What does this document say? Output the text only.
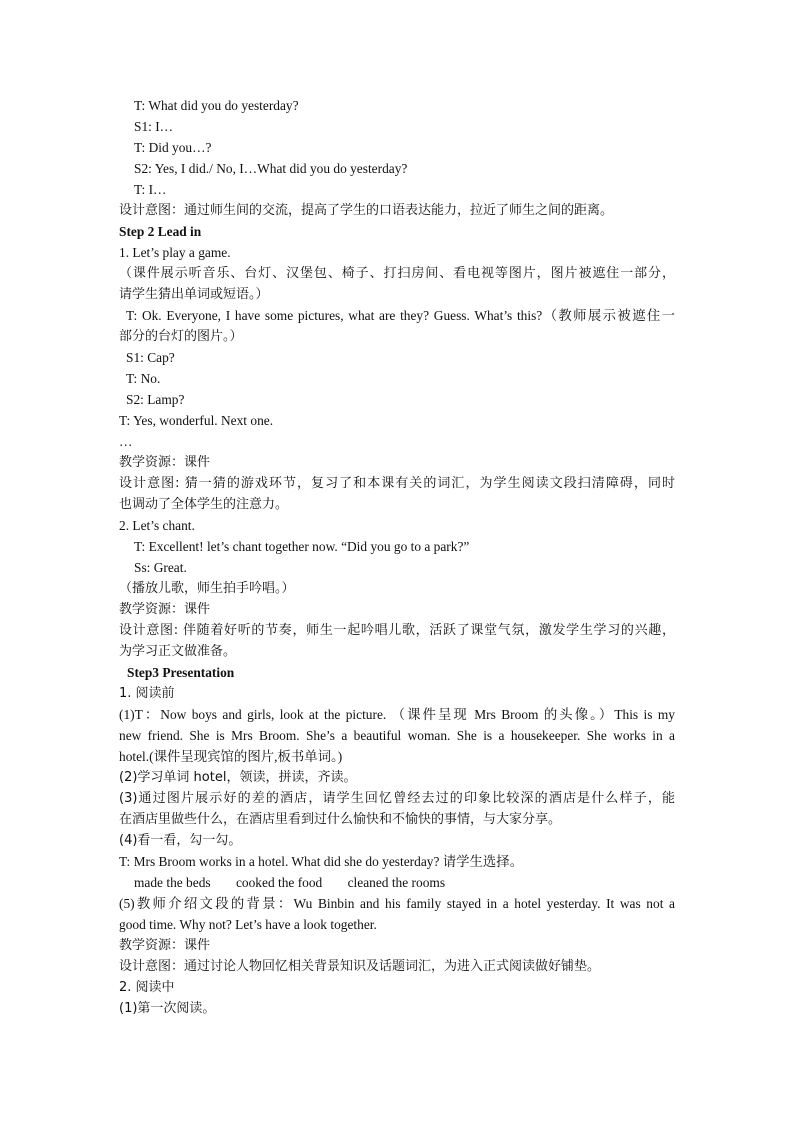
T: What did you do yesterday?
S1: I…
T: Did you…?
S2: Yes, I did./ No, I…What did you do yesterday?
T: I…
设计意图：通过师生间的交流，提高了学生的口语表达能力，拉近了师生之间的距离。
Step 2 Lead in
1. Let’s play a game.
（课件展示听音乐、台灯、汉堡包、椅子、打扫房间、看电视等图片，图片被遮住一部分，
请学生猜出单词或短语。）
T: Ok. Everyone, I have some pictures, what are they? Guess. What’s this?（教师展示被遮住一
部分的台灯的图片。）
S1: Cap?
T: No.
S2: Lamp?
T: Yes, wonderful. Next one.
…
教学资源：课件
设计意图: 猜一猜的游戏环节，复习了和本课有关的词汇，为学生阅读文段扫清障碍，同时
也调动了全体学生的注意力。
2. Let’s chant.
T: Excellent! let’s chant together now. “Did you go to a park?”
Ss: Great.
（播放儿歌，师生拍手吟唱。）
教学资源：课件
设计意图: 伴随着好听的节奏，师生一起吟唱儿歌，活跃了课堂气氛，激发学生学习的兴趣，
为学习正文做准备。
Step3 Presentation
1. 阅读前
(1)T：Now boys and girls, look at the picture. （课件呈现 Mrs Broom 的头像。）This is my
new friend. She is Mrs Broom. She’s a beautiful woman. She is a housekeeper. She works in a
hotel.(课件呈现宾馆的图片,板书单词。)
(2)学习单词 hotel，领读，拼读，齐读。
(3)通过图片展示好的差的酒店，请学生回忆曾经去过的印象比较深的酒店是什么样子，能
在酒店里做些什么，在酒店里看到过什么愉快和不愉快的事情，与大家分享。
(4)看一看，勾一勾。
T: Mrs Broom works in a hotel. What did she do yesterday? 请学生选择。
made the beds cooked the food cleaned the rooms
(5)教师介绍文段的背景：Wu Binbin and his family stayed in a hotel yesterday. It was not a
good time. Why not? Let’s have a look together.
教学资源：课件
设计意图：通过讨论人物回忆相关背景知识及话题词汇，为进入正式阅读做好铺垫。
2. 阅读中
(1)第一次阅读。
